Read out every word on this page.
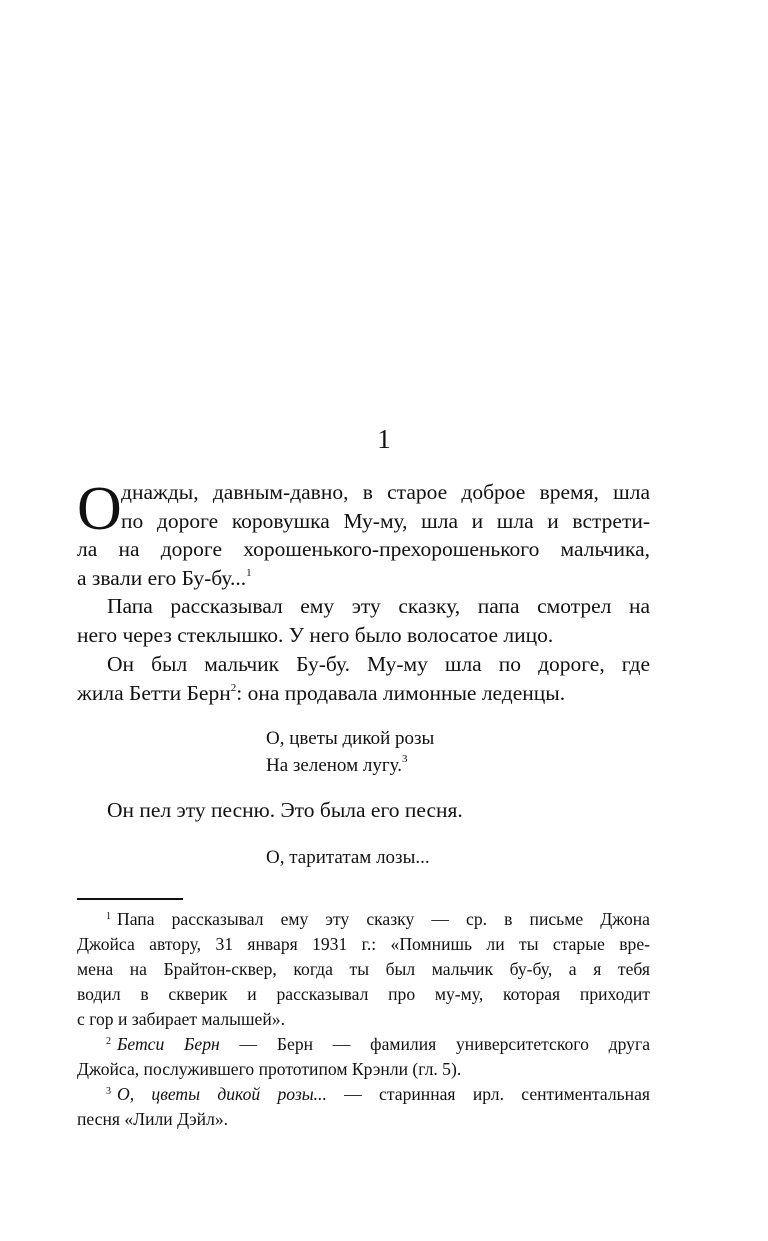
1
О днажды, давным-давно, в старое доброе время, шла
по дороге коровушка Му-му, шла и шла и встрети-
ла на дороге хорошенького-прехорошенького мальчика,
а звали его Бу-бу...$^1$
Папа рассказывал ему эту сказку, папа смотрел на
него через стеклышко. У него было волосатое лицо.
Он был мальчик Бу-бу. Му-му шла по дороге, где
жила Бетти Берн$^2$: она продавала лимонные леденцы.
О, цветы дикой розы
На зеленом лугу.$^3$
Он пел эту песню. Это была его песня.
О, таритатам лозы...
$^1$ Папа рассказывал ему эту сказку — ср. в письме Джона
Джойса автору, 31 января 1931 г.: «Помнишь ли ты старые вре-
мена на Брайтон-сквер, когда ты был мальчик бу-бу, а я тебя
водил в скверик и рассказывал про му-му, которая приходит
с гор и забирает малышей».
$^2$ Бетси Берн — Берн — фамилия университетского друга
Джойса, послужившего прототипом Крэнли (гл. 5).
$^3$ О, цветы дикой розы... — старинная ирл. сентиментальная
песня «Лили Дэйл».
